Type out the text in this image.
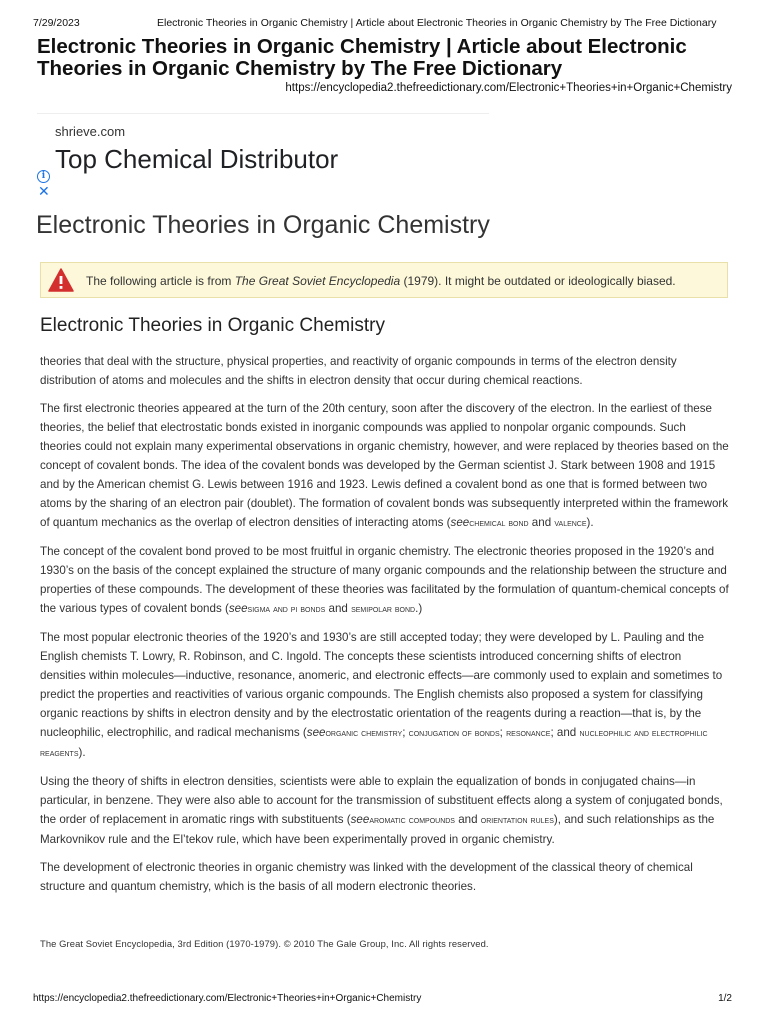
7/29/2023	Electronic Theories in Organic Chemistry | Article about Electronic Theories in Organic Chemistry by The Free Dictionary
Electronic Theories in Organic Chemistry | Article about Electronic Theories in Organic Chemistry by The Free Dictionary
https://encyclopedia2.thefreedictionary.com/Electronic+Theories+in+Organic+Chemistry
shrieve.com
Top Chemical Distributor
i
✕
Electronic Theories in Organic Chemistry
The following article is from The Great Soviet Encyclopedia (1979). It might be outdated or ideologically biased.
Electronic Theories in Organic Chemistry

theories that deal with the structure, physical properties, and reactivity of organic compounds in terms of the electron density distribution of atoms and molecules and the shifts in electron density that occur during chemical reactions.

The first electronic theories appeared at the turn of the 20th century, soon after the discovery of the electron. In the earliest of these theories, the belief that electrostatic bonds existed in inorganic compounds was applied to nonpolar organic compounds. Such theories could not explain many experimental observations in organic chemistry, however, and were replaced by theories based on the concept of covalent bonds. The idea of the covalent bonds was developed by the German scientist J. Stark between 1908 and 1915 and by the American chemist G. Lewis between 1916 and 1923. Lewis defined a covalent bond as one that is formed between two atoms by the sharing of an electron pair (doublet). The formation of covalent bonds was subsequently interpreted within the framework of quantum mechanics as the overlap of electron densities of interacting atoms (seechemical bond and valence).

The concept of the covalent bond proved to be most fruitful in organic chemistry. The electronic theories proposed in the 1920’s and 1930’s on the basis of the concept explained the structure of many organic compounds and the relationship between the structure and properties of these compounds. The development of these theories was facilitated by the formulation of quantum-chemical concepts of the various types of covalent bonds (seesigma and pi bonds and semipolar bond.)

The most popular electronic theories of the 1920’s and 1930’s are still accepted today; they were developed by L. Pauling and the English chemists T. Lowry, R. Robinson, and C. Ingold. The concepts these scientists introduced concerning shifts of electron densities within molecules—inductive, resonance, anomeric, and electronic effects—are commonly used to explain and sometimes to predict the properties and reactivities of various organic compounds. The English chemists also proposed a system for classifying organic reactions by shifts in electron density and by the electrostatic orientation of the reagents during a reaction—that is, by the nucleophilic, electrophilic, and radical mechanisms (seeorganic chemistry; conjugation of bonds; resonance; and nucleophilic and electrophilic reagents).

Using the theory of shifts in electron densities, scientists were able to explain the equalization of bonds in conjugated chains—in particular, in benzene. They were also able to account for the transmission of substituent effects along a system of conjugated bonds, the order of replacement in aromatic rings with substituents (seearomatic compounds and orientation rules), and such relationships as the Markovnikov rule and the El’tekov rule, which have been experimentally proved in organic chemistry.

The development of electronic theories in organic chemistry was linked with the development of the classical theory of chemical structure and quantum chemistry, which is the basis of all modern electronic theories.

The Great Soviet Encyclopedia, 3rd Edition (1970-1979). © 2010 The Gale Group, Inc. All rights reserved.
https://encyclopedia2.thefreedictionary.com/Electronic+Theories+in+Organic+Chemistry	1/2
